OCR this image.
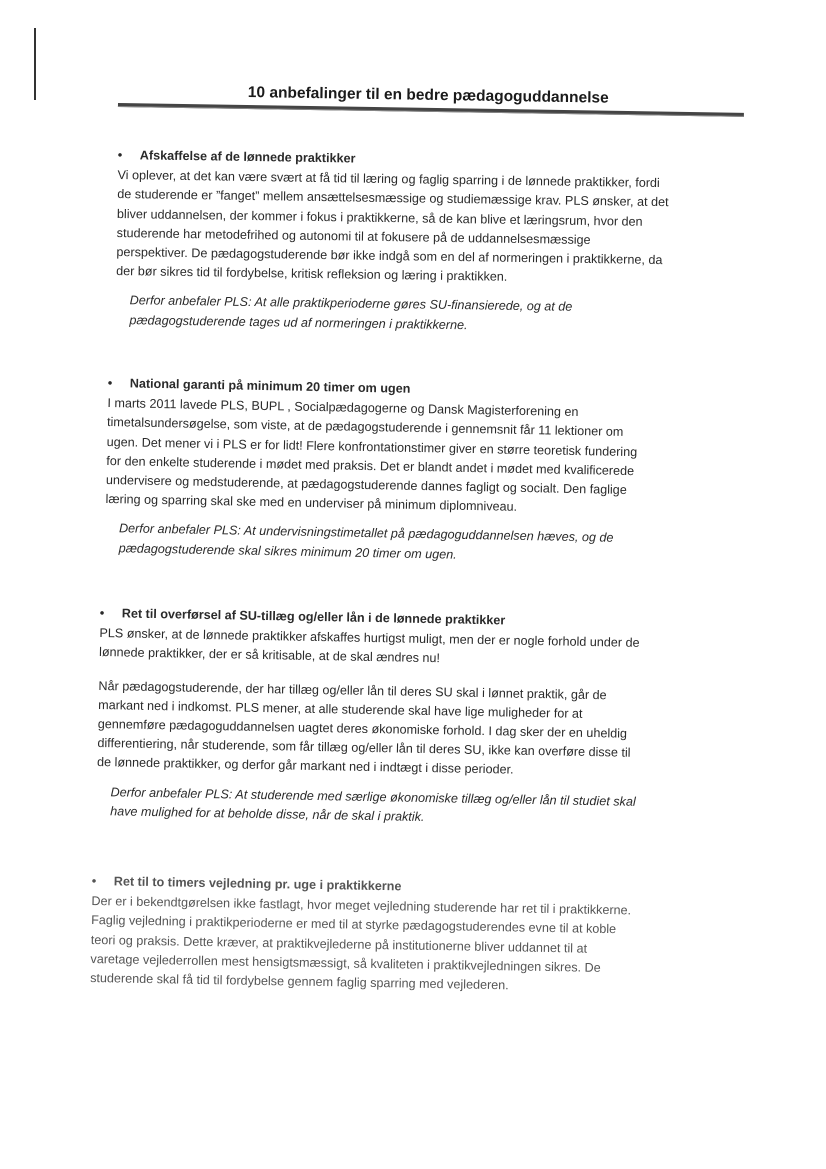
10 anbefalinger til en bedre pædagoguddannelse
• Afskaffelse af de lønnede praktikker
Vi oplever, at det kan være svært at få tid til læring og faglig sparring i de lønnede praktikker, fordi
de studerende er ”fanget” mellem ansættelsesmæssige og studiemæssige krav. PLS ønsker, at det
bliver uddannelsen, der kommer i fokus i praktikkerne, så de kan blive et læringsrum, hvor den
studerende har metodefrihed og autonomi til at fokusere på de uddannelsesmæssige
perspektiver. De pædagogstuderende bør ikke indgå som en del af normeringen i praktikkerne, da
der bør sikres tid til fordybelse, kritisk refleksion og læring i praktikken.
Derfor anbefaler PLS: At alle praktikperioderne gøres SU-finansierede, og at de
pædagogstuderende tages ud af normeringen i praktikkerne.
• National garanti på minimum 20 timer om ugen
I marts 2011 lavede PLS, BUPL , Socialpædagogerne og Dansk Magisterforening en
timetalsundersøgelse, som viste, at de pædagogstuderende i gennemsnit får 11 lektioner om
ugen. Det mener vi i PLS er for lidt! Flere konfrontationstimer giver en større teoretisk fundering
for den enkelte studerende i mødet med praksis. Det er blandt andet i mødet med kvalificerede
undervisere og medstuderende, at pædagogstuderende dannes fagligt og socialt. Den faglige
læring og sparring skal ske med en underviser på minimum diplomniveau.
Derfor anbefaler PLS: At undervisningstimetallet på pædagoguddannelsen hæves, og de
pædagogstuderende skal sikres minimum 20 timer om ugen.
• Ret til overførsel af SU-tillæg og/eller lån i de lønnede praktikker
PLS ønsker, at de lønnede praktikker afskaffes hurtigst muligt, men der er nogle forhold under de
lønnede praktikker, der er så kritisable, at de skal ændres nu!
Når pædagogstuderende, der har tillæg og/eller lån til deres SU skal i lønnet praktik, går de
markant ned i indkomst. PLS mener, at alle studerende skal have lige muligheder for at
gennemføre pædagoguddannelsen uagtet deres økonomiske forhold. I dag sker der en uheldig
differentiering, når studerende, som får tillæg og/eller lån til deres SU, ikke kan overføre disse til
de lønnede praktikker, og derfor går markant ned i indtægt i disse perioder.
Derfor anbefaler PLS: At studerende med særlige økonomiske tillæg og/eller lån til studiet skal
have mulighed for at beholde disse, når de skal i praktik.
• Ret til to timers vejledning pr. uge i praktikkerne
Der er i bekendtgørelsen ikke fastlagt, hvor meget vejledning studerende har ret til i praktikkerne.
Faglig vejledning i praktikperioderne er med til at styrke pædagogstuderendes evne til at koble
teori og praksis. Dette kræver, at praktikvejlederne på institutionerne bliver uddannet til at
varetage vejlederrollen mest hensigtsmæssigt, så kvaliteten i praktikvejledningen sikres. De
studerende skal få tid til fordybelse gennem faglig sparring med vejlederen.
